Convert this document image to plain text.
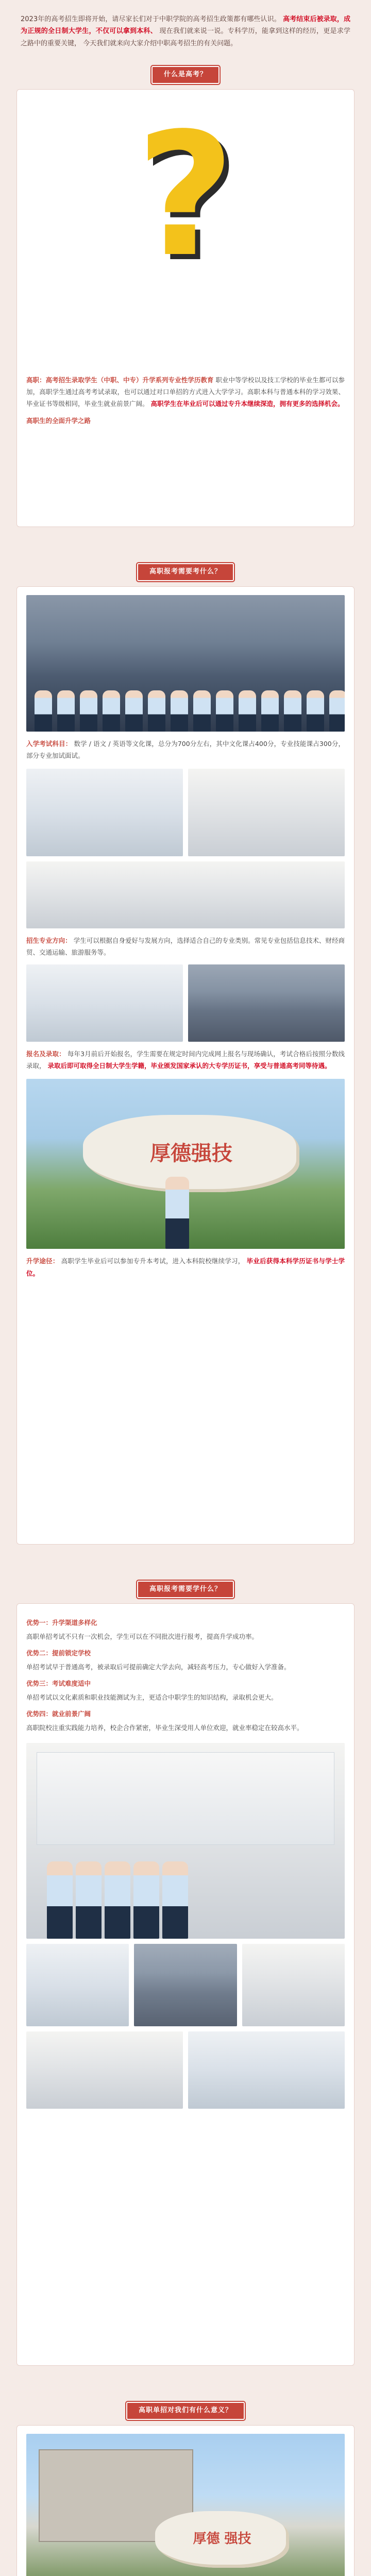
2023年的高考招生即将开始，请尽家长们对于中职学院的高考招生政策都有哪些认识。 高考结束后被录取，成为正规的全日制大学生，不仅可以拿到本科、 现在我们就来说一说。专科学历，能拿到这样的经历，更是求学之路中的重要关键， 今天我们就来向大家介绍中职高考招生的有关问题。

什么是高考？
?

高职：高考招生录取学生（中职、中专）升学系列专业性学历教育 职业中等学校以及技工学校的毕业生都可以参加，高职学生通过高考考试录取，也可以通过对口单招的方式进入大学学习。高职本科与普通本科的学习效果、毕业证书等级相同，毕业生就业前景广阔。 高职学生在毕业后可以通过专升本继续深造，拥有更多的选择机会。

高职生的全面升学之路

高职报考需要考什么？

入学考试科目： 数学 / 语文 / 英语等文化课，总分为700分左右，其中文化课占400分，专业技能课占300分，部分专业加试面试。

招生专业方向： 学生可以根据自身爱好与发展方向，选择适合自己的专业类别。常见专业包括信息技术、财经商贸、交通运输、旅游服务等。

报名及录取： 每年3月前后开始报名，学生需要在规定时间内完成网上报名与现场确认，考试合格后按照分数线录取， 录取后即可取得全日制大学生学籍，毕业颁发国家承认的大专学历证书，享受与普通高考同等待遇。

厚德强技

升学途径： 高职学生毕业后可以参加专升本考试，进入本科院校继续学习， 毕业后获得本科学历证书与学士学位。

高职报考需要学什么？
优势一：升学渠道多样化
高职单招考试不只有一次机会，学生可以在不同批次进行报考，提高升学成功率。
优势二：提前锁定学校
单招考试早于普通高考，被录取后可提前确定大学去向，减轻高考压力，专心做好入学准备。
优势三：考试难度适中
单招考试以文化素质和职业技能测试为主，更适合中职学生的知识结构，录取机会更大。
优势四：就业前景广阔
高职院校注重实践能力培养，校企合作紧密，毕业生深受用人单位欢迎，就业率稳定在较高水平。
高职单招对我们有什么意义？
厚德 强技
